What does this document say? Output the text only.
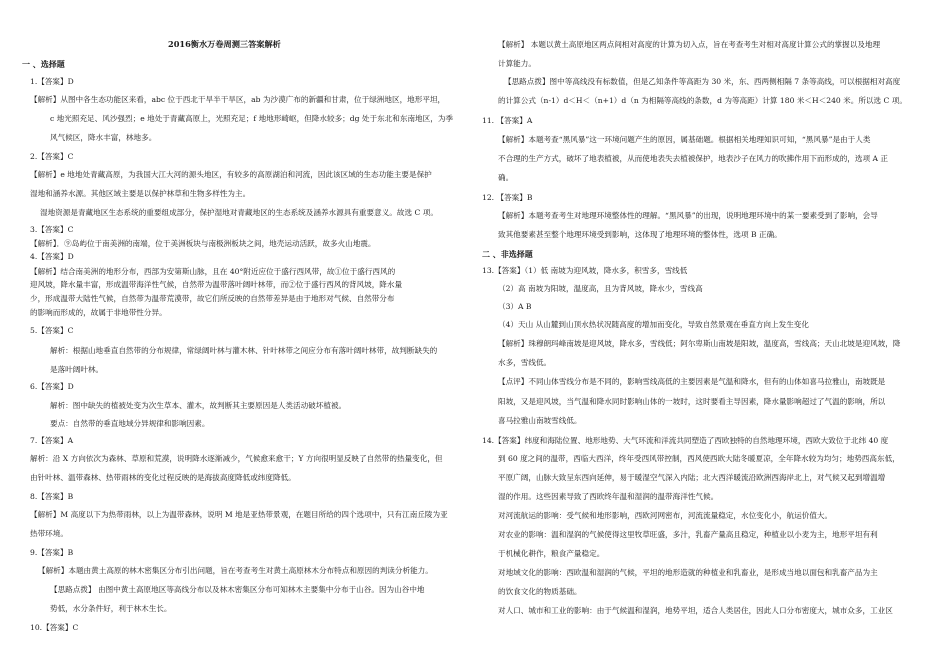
2016衡水万卷周测三答案解析
一 、选择题
1.【答案】D
【解析】从图中各生态功能区来看，abc 位于西北干旱半干旱区，ab 为沙漠广布的新疆和甘肃，位于绿洲地区，地形平坦，
c 地光照充足、风沙强烈；e 地处于青藏高原上，光照充足；f 地地形崎岖，但降水较多；dg 处于东北和东南地区，为季
风气候区，降水丰富，林地多。
2.【答案】C
【解析】e 地地处青藏高原，为我国大江大河的源头地区，有较多的高原湖泊和河流，因此该区域的生态功能主要是保护
湿地和涵养水源。其他区域主要是以保护林草和生物多样性为主。
湿地资源是青藏地区生态系统的重要组成部分，保护湿地对青藏地区的生态系统及涵养水源具有重要意义。故选 C 项。
3.【答案】C
【解析】．⑨岛屿位于南美洲的南端，位于美洲板块与南极洲板块之间，地壳运动活跃，故多火山地震。
4.【答案】D
【解析】结合南美洲的地形分布，西部为安第斯山脉，且在 40°附近应位于盛行西风带，故①位于盛行西风的
迎风坡，降水量丰富，形成温带海洋性气候，自然带为温带落叶阔叶林带，而②位于盛行西风的背风坡，降水量
少，形成温带大陆性气候，自然带为温带荒漠带，故它们所反映的自然带差异是由于地形对气候、自然带分布
的影响而形成的，故属于非地带性分异。
5.【答案】C
解析：根据山地垂直自然带的分布规律，常绿阔叶林与灌木林、针叶林带之间应分布有落叶阔叶林带，故判断缺失的
是落叶阔叶林。
6.【答案】D
解析：图中缺失的植被处变为次生草本、灌木，故判断其主要原因是人类活动破坏植被。
要点：自然带的垂直地域分异规律和影响因素。
7.【答案】A
解析：沿 X 方向依次为森林、草原和荒漠，说明降水逐渐减少，气候愈来愈干；Y 方向很明显反映了自然带的热量变化，但
由针叶林、温带森林、热带雨林的变化过程反映的是海拔高度降低或纬度降低。
8.【答案】B
【解析】M 高度以下为热带雨林，以上为温带森林，说明 M 地是亚热带景观，在题目所给的四个选项中，只有江南丘陵为亚
热带环境。
9.【答案】B
【解析】本题由黄土高原的林木密集区分布引出问题，旨在考查考生对黄土高原林木分布特点和原因的判读分析能力。
【思路点拨】 由图中黄土高原地区等高线分布以及林木密集区分布可知林木主要集中分布于山谷。因为山谷中地
势低，水分条件好，利于林木生长。
10.【答案】C
【解析】 本题以黄土高原地区两点间相对高度的计算为切入点，旨在考查考生对相对高度计算公式的掌握以及地理
计算能力。
【思路点拨】图中等高线没有标数值，但是乙知条件等高距为 30 米，东、西两侧相隔 7 条等高线，可以根据相对高度
的计算公式（n-1）d＜H＜（n+1）d（n 为相隔等高线的条数，d 为等高距）计算 180 米＜H＜240 米。所以选 C 项。
11. 【答案】A
【解析】本题考查“黑风暴”这一环境问题产生的原因，属基础题。根据相关地理知识可知，“黑风暴”是由于人类
不合理的生产方式，破坏了地表植被，从而使地表失去植被保护，地表沙子在风力的吹拂作用下而形成的，选项 A 正
确。
12. 【答案】B
【解析】本题考查考生对地理环境整体性的理解。“黑风暴”的出现，说明地理环境中的某一要素受到了影响，会导
致其他要素甚至整个地理环境受到影响，这体现了地理环境的整体性，选项 B 正确。
二 、非选择题
13.【答案】（1）低 南坡为迎风坡，降水多，积雪多，雪线低
（2）高 南坡为阳坡，温度高，且为背风坡，降水少，雪线高
（3）A B
（4）天山 从山麓到山顶水热状况随高度的增加而变化，导致自然景观在垂直方向上发生变化
【解析】珠穆朗玛峰南坡是迎风坡，降水多，雪线低；阿尔卑斯山南坡是阳坡，温度高，雪线高；天山北坡是迎风坡，降
水多，雪线低。
【点评】不同山体雪线分布是不同的，影响雪线高低的主要因素是气温和降水，但有的山体如喜马拉雅山，南坡既是
阳坡，又是迎风坡，当气温和降水同时影响山体的一坡时，这时要看主导因素，降水量影响超过了气温的影响，所以
喜马拉雅山南坡雪线低。
14.【答案】纬度和海陆位置、地形地势、大气环流和洋流共同塑造了西欧独特的自然地理环境，西欧大致位于北纬 40 度
到 60 度之间的温带，西临大西洋，终年受西风带控制，西风使西欧大陆冬暖夏凉，全年降水较为均匀；地势西高东低，
平原广阔，山脉大致呈东西向延伸，易于暖湿空气深入内陆；北大西洋暖流沿欧洲西海岸北上，对气候又起到增温增
湿的作用。这些因素导致了西欧终年温和湿润的温带海洋性气候。
对河流航运的影响：受气候和地形影响，西欧河网密布，河流流量稳定，水位变化小，航运价值大。
对农业的影响：温和湿润的气候使得这里牧草旺盛，多汁，乳畜产量高且稳定，种植业以小麦为主，地形平坦有利
于机械化耕作，粮食产量稳定。
对地域文化的影响：西欧温和湿润的气候，平坦的地形造就的种植业和乳畜业，是形成当地以面包和乳畜产品为主
的饮食文化的物质基础。
对人口、城市和工业的影响：由于气候温和湿润，地势平坦，适合人类居住，因此人口分布密度大，城市众多，工业区
